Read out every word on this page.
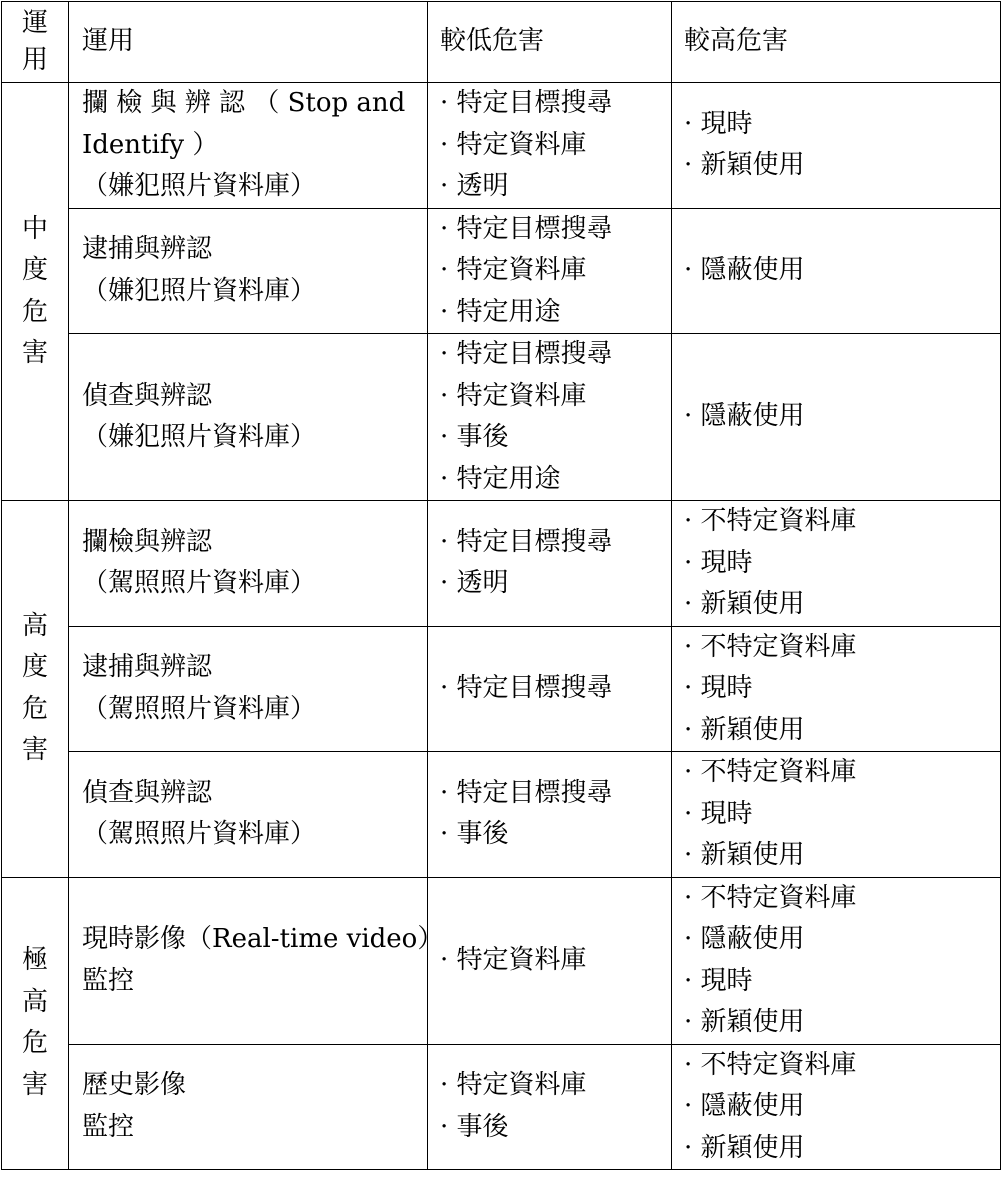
運
用	運用	較低危害	較高危害

中
度
危
害	攔 檢 與 辨 認 （ Stop and
Identify ）
（嫌犯照片資料庫）	· 特定目標搜尋
· 特定資料庫
· 透明	· 現時
· 新穎使用

	逮捕與辨認
（嫌犯照片資料庫）	· 特定目標搜尋
· 特定資料庫
· 特定用途	· 隱蔽使用

	偵查與辨認
（嫌犯照片資料庫）	· 特定目標搜尋
· 特定資料庫
· 事後
· 特定用途	· 隱蔽使用

高
度
危
害	攔檢與辨認
（駕照照片資料庫）	· 特定目標搜尋
· 透明	· 不特定資料庫
· 現時
· 新穎使用

	逮捕與辨認
（駕照照片資料庫）	· 特定目標搜尋	· 不特定資料庫
· 現時
· 新穎使用

	偵查與辨認
（駕照照片資料庫）	· 特定目標搜尋
· 事後	· 不特定資料庫
· 現時
· 新穎使用

極
高
危
害	現時影像（Real-time video）
監控	· 特定資料庫	· 不特定資料庫
· 隱蔽使用
· 現時
· 新穎使用

	歷史影像
監控	· 特定資料庫
· 事後	· 不特定資料庫
· 隱蔽使用
· 新穎使用
